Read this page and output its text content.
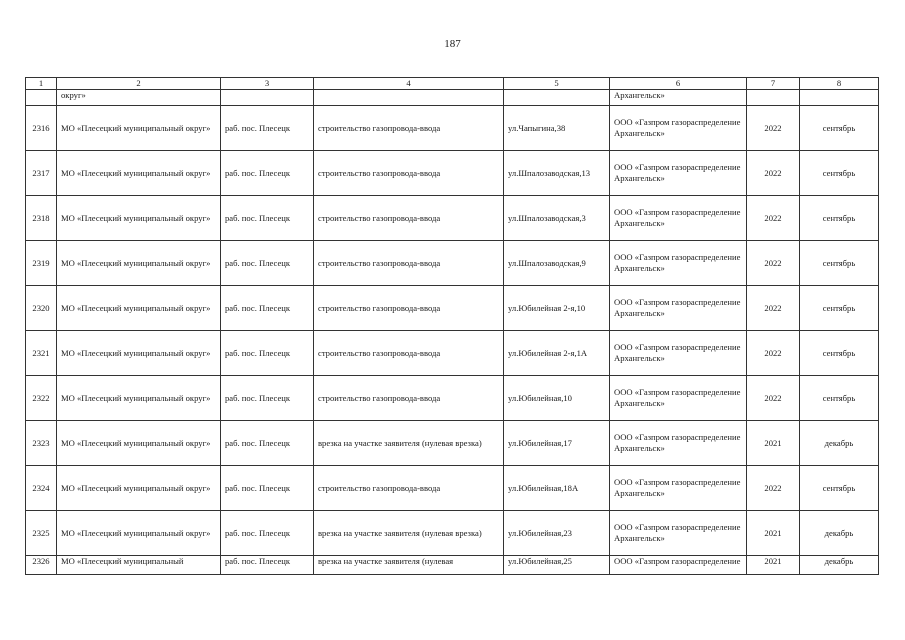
187
1	2	3	4	5	6	7	8
	округ»				Архангельск»		
2316	МО «Плесецкий муниципальный округ»	раб. пос. Плесецк	строительство газопровода-ввода	ул.Чапыгина,38	ООО «Газпром газораспределение Архангельск»	2022	сентябрь
2317	МО «Плесецкий муниципальный округ»	раб. пос. Плесецк	строительство газопровода-ввода	ул.Шпалозаводская,13	ООО «Газпром газораспределение Архангельск»	2022	сентябрь
2318	МО «Плесецкий муниципальный округ»	раб. пос. Плесецк	строительство газопровода-ввода	ул.Шпалозаводская,3	ООО «Газпром газораспределение Архангельск»	2022	сентябрь
2319	МО «Плесецкий муниципальный округ»	раб. пос. Плесецк	строительство газопровода-ввода	ул.Шпалозаводская,9	ООО «Газпром газораспределение Архангельск»	2022	сентябрь
2320	МО «Плесецкий муниципальный округ»	раб. пос. Плесецк	строительство газопровода-ввода	ул.Юбилейная 2-я,10	ООО «Газпром газораспределение Архангельск»	2022	сентябрь
2321	МО «Плесецкий муниципальный округ»	раб. пос. Плесецк	строительство газопровода-ввода	ул.Юбилейная 2-я,1А	ООО «Газпром газораспределение Архангельск»	2022	сентябрь
2322	МО «Плесецкий муниципальный округ»	раб. пос. Плесецк	строительство газопровода-ввода	ул.Юбилейная,10	ООО «Газпром газораспределение Архангельск»	2022	сентябрь
2323	МО «Плесецкий муниципальный округ»	раб. пос. Плесецк	врезка на участке заявителя (нулевая врезка)	ул.Юбилейная,17	ООО «Газпром газораспределение Архангельск»	2021	декабрь
2324	МО «Плесецкий муниципальный округ»	раб. пос. Плесецк	строительство газопровода-ввода	ул.Юбилейная,18А	ООО «Газпром газораспределение Архангельск»	2022	сентябрь
2325	МО «Плесецкий муниципальный округ»	раб. пос. Плесецк	врезка на участке заявителя (нулевая врезка)	ул.Юбилейная,23	ООО «Газпром газораспределение Архангельск»	2021	декабрь
2326	МО «Плесецкий муниципальный	раб. пос. Плесецк	врезка на участке заявителя (нулевая	ул.Юбилейная,25	ООО «Газпром газораспределение	2021	декабрь
